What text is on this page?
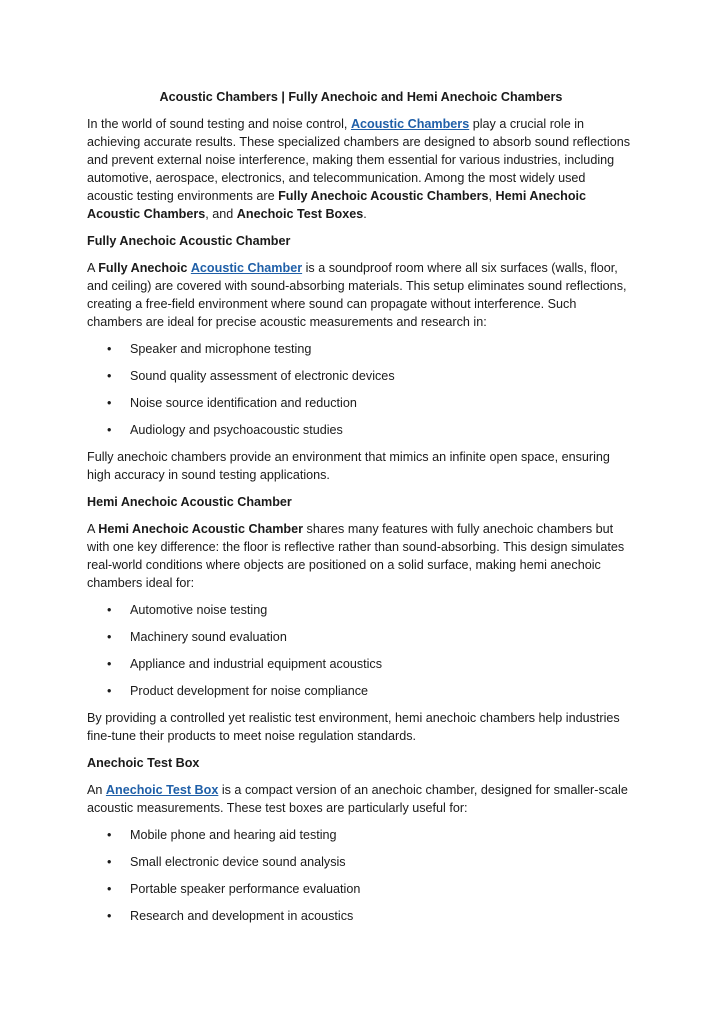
Acoustic Chambers | Fully Anechoic and Hemi Anechoic Chambers
In the world of sound testing and noise control, Acoustic Chambers play a crucial role in achieving accurate results. These specialized chambers are designed to absorb sound reflections and prevent external noise interference, making them essential for various industries, including automotive, aerospace, electronics, and telecommunication. Among the most widely used acoustic testing environments are Fully Anechoic Acoustic Chambers, Hemi Anechoic Acoustic Chambers, and Anechoic Test Boxes.
Fully Anechoic Acoustic Chamber
A Fully Anechoic Acoustic Chamber is a soundproof room where all six surfaces (walls, floor, and ceiling) are covered with sound-absorbing materials. This setup eliminates sound reflections, creating a free-field environment where sound can propagate without interference. Such chambers are ideal for precise acoustic measurements and research in:
• Speaker and microphone testing
• Sound quality assessment of electronic devices
• Noise source identification and reduction
• Audiology and psychoacoustic studies
Fully anechoic chambers provide an environment that mimics an infinite open space, ensuring high accuracy in sound testing applications.
Hemi Anechoic Acoustic Chamber
A Hemi Anechoic Acoustic Chamber shares many features with fully anechoic chambers but with one key difference: the floor is reflective rather than sound-absorbing. This design simulates real-world conditions where objects are positioned on a solid surface, making hemi anechoic chambers ideal for:
• Automotive noise testing
• Machinery sound evaluation
• Appliance and industrial equipment acoustics
• Product development for noise compliance
By providing a controlled yet realistic test environment, hemi anechoic chambers help industries fine-tune their products to meet noise regulation standards.
Anechoic Test Box
An Anechoic Test Box is a compact version of an anechoic chamber, designed for smaller-scale acoustic measurements. These test boxes are particularly useful for:
• Mobile phone and hearing aid testing
• Small electronic device sound analysis
• Portable speaker performance evaluation
• Research and development in acoustics
